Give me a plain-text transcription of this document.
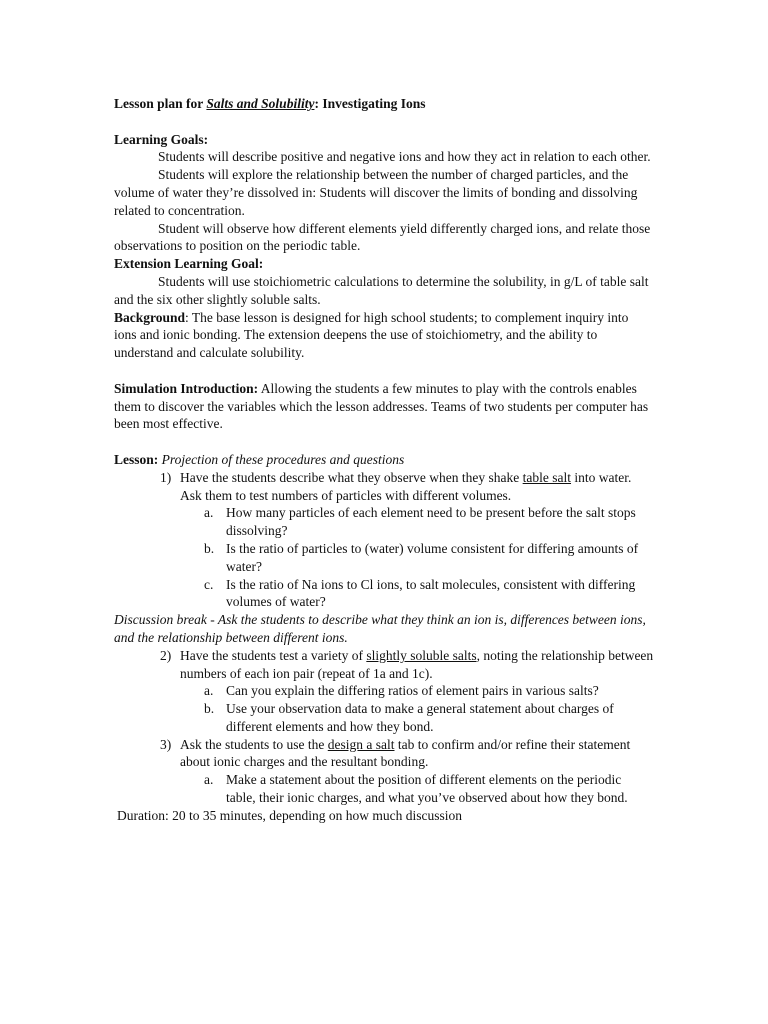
Lesson plan for Salts and Solubility: Investigating Ions

Learning Goals:

Students will describe positive and negative ions and how they act in relation to each other.

Students will explore the relationship between the number of charged particles, and the volume of water they’re dissolved in: Students will discover the limits of bonding and dissolving related to concentration.

Student will observe how different elements yield differently charged ions, and relate those observations to position on the periodic table.

Extension Learning Goal:

Students will use stoichiometric calculations to determine the solubility, in g/L of table salt and the six other slightly soluble salts.

Background: The base lesson is designed for high school students; to complement inquiry into ions and ionic bonding. The extension deepens the use of stoichiometry, and the ability to understand and calculate solubility.

Simulation Introduction: Allowing the students a few minutes to play with the controls enables them to discover the variables which the lesson addresses. Teams of two students per computer has been most effective.

Lesson: Projection of these procedures and questions

1) Have the students describe what they observe when they shake table salt into water. Ask them to test numbers of particles with different volumes.
a. How many particles of each element need to be present before the salt stops dissolving?
b. Is the ratio of particles to (water) volume consistent for differing amounts of water?
c. Is the ratio of Na ions to Cl ions, to salt molecules, consistent with differing volumes of water?

Discussion break - Ask the students to describe what they think an ion is, differences between ions, and the relationship between different ions.

2) Have the students test a variety of slightly soluble salts, noting the relationship between numbers of each ion pair (repeat of 1a and 1c).
a. Can you explain the differing ratios of element pairs in various salts?
b. Use your observation data to make a general statement about charges of different elements and how they bond.
3) Ask the students to use the design a salt tab to confirm and/or refine their statement about ionic charges and the resultant bonding.
a. Make a statement about the position of different elements on the periodic table, their ionic charges, and what you’ve observed about how they bond.

Duration: 20 to 35 minutes, depending on how much discussion
